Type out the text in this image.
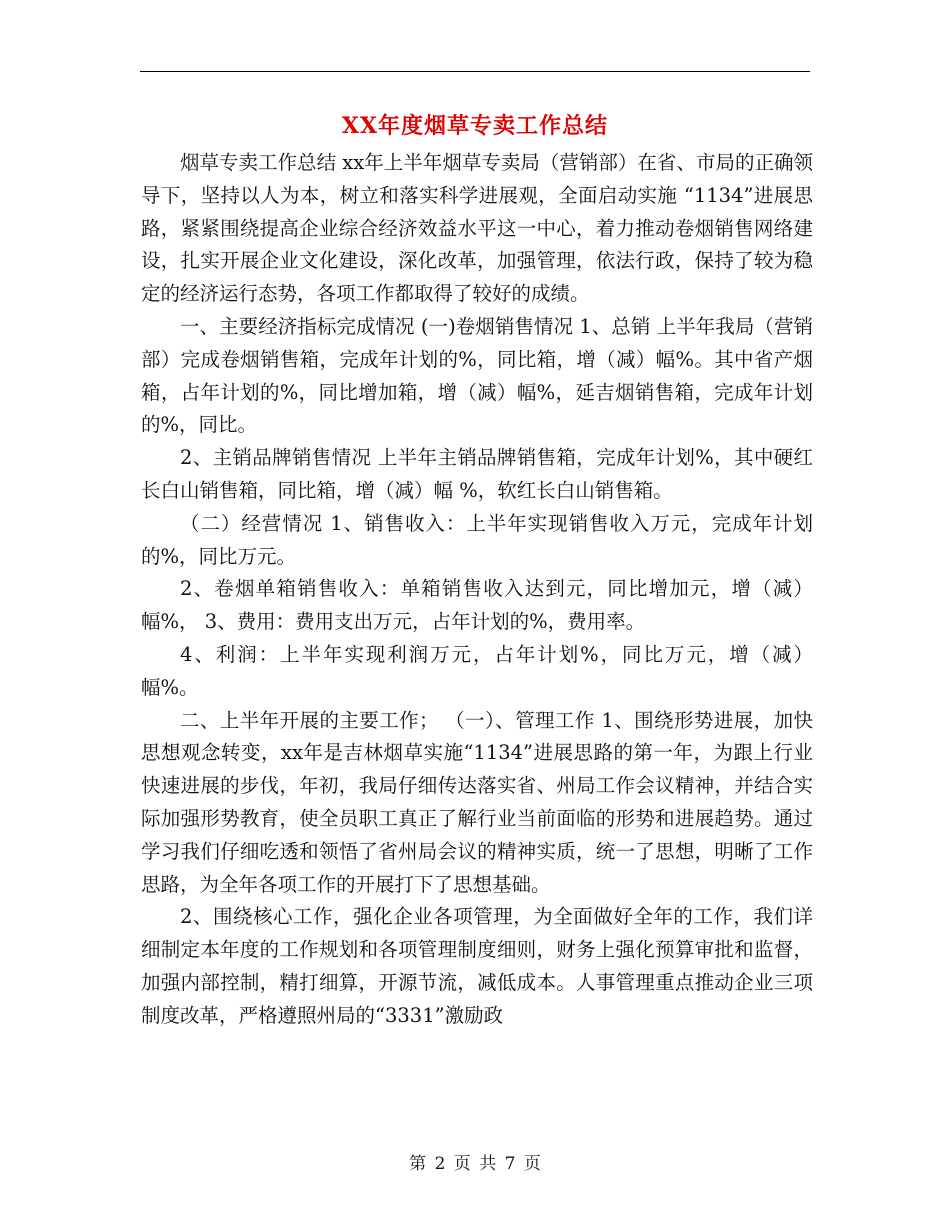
XX年度烟草专卖工作总结

烟草专卖工作总结 xx年上半年烟草专卖局（营销部）在省、市局的正确领导下，坚持以人为本，树立和落实科学进展观，全面启动实施 “1134”进展思路，紧紧围绕提高企业综合经济效益水平这一中心，着力推动卷烟销售网络建设，扎实开展企业文化建设，深化改革，加强管理，依法行政，保持了较为稳定的经济运行态势，各项工作都取得了较好的成绩。

一、主要经济指标完成情况 (一)卷烟销售情况 1、总销 上半年我局（营销部）完成卷烟销售箱，完成年计划的%，同比箱，增（减）幅%。其中省产烟箱，占年计划的%，同比增加箱，增（减）幅%，延吉烟销售箱，完成年计划的%，同比。

2、主销品牌销售情况 上半年主销品牌销售箱，完成年计划%，其中硬红长白山销售箱，同比箱，增（减）幅 %，软红长白山销售箱。

（二）经营情况 1、销售收入：上半年实现销售收入万元，完成年计划的%，同比万元。

2、卷烟单箱销售收入：单箱销售收入达到元，同比增加元，增（减）幅%， 3、费用：费用支出万元，占年计划的%，费用率。

4、利润：上半年实现利润万元，占年计划%，同比万元，增（减）幅%。

二、上半年开展的主要工作； （一）、管理工作 1、围绕形势进展，加快思想观念转变，xx年是吉林烟草实施“1134”进展思路的第一年，为跟上行业快速进展的步伐，年初，我局仔细传达落实省、州局工作会议精神，并结合实际加强形势教育，使全员职工真正了解行业当前面临的形势和进展趋势。通过学习我们仔细吃透和领悟了省州局会议的精神实质，统一了思想，明晰了工作思路，为全年各项工作的开展打下了思想基础。

2、围绕核心工作，强化企业各项管理，为全面做好全年的工作，我们详细制定本年度的工作规划和各项管理制度细则，财务上强化预算审批和监督，加强内部控制，精打细算，开源节流，减低成本。人事管理重点推动企业三项制度改革，严格遵照州局的“3331”激励政

第 2 页 共 7 页
